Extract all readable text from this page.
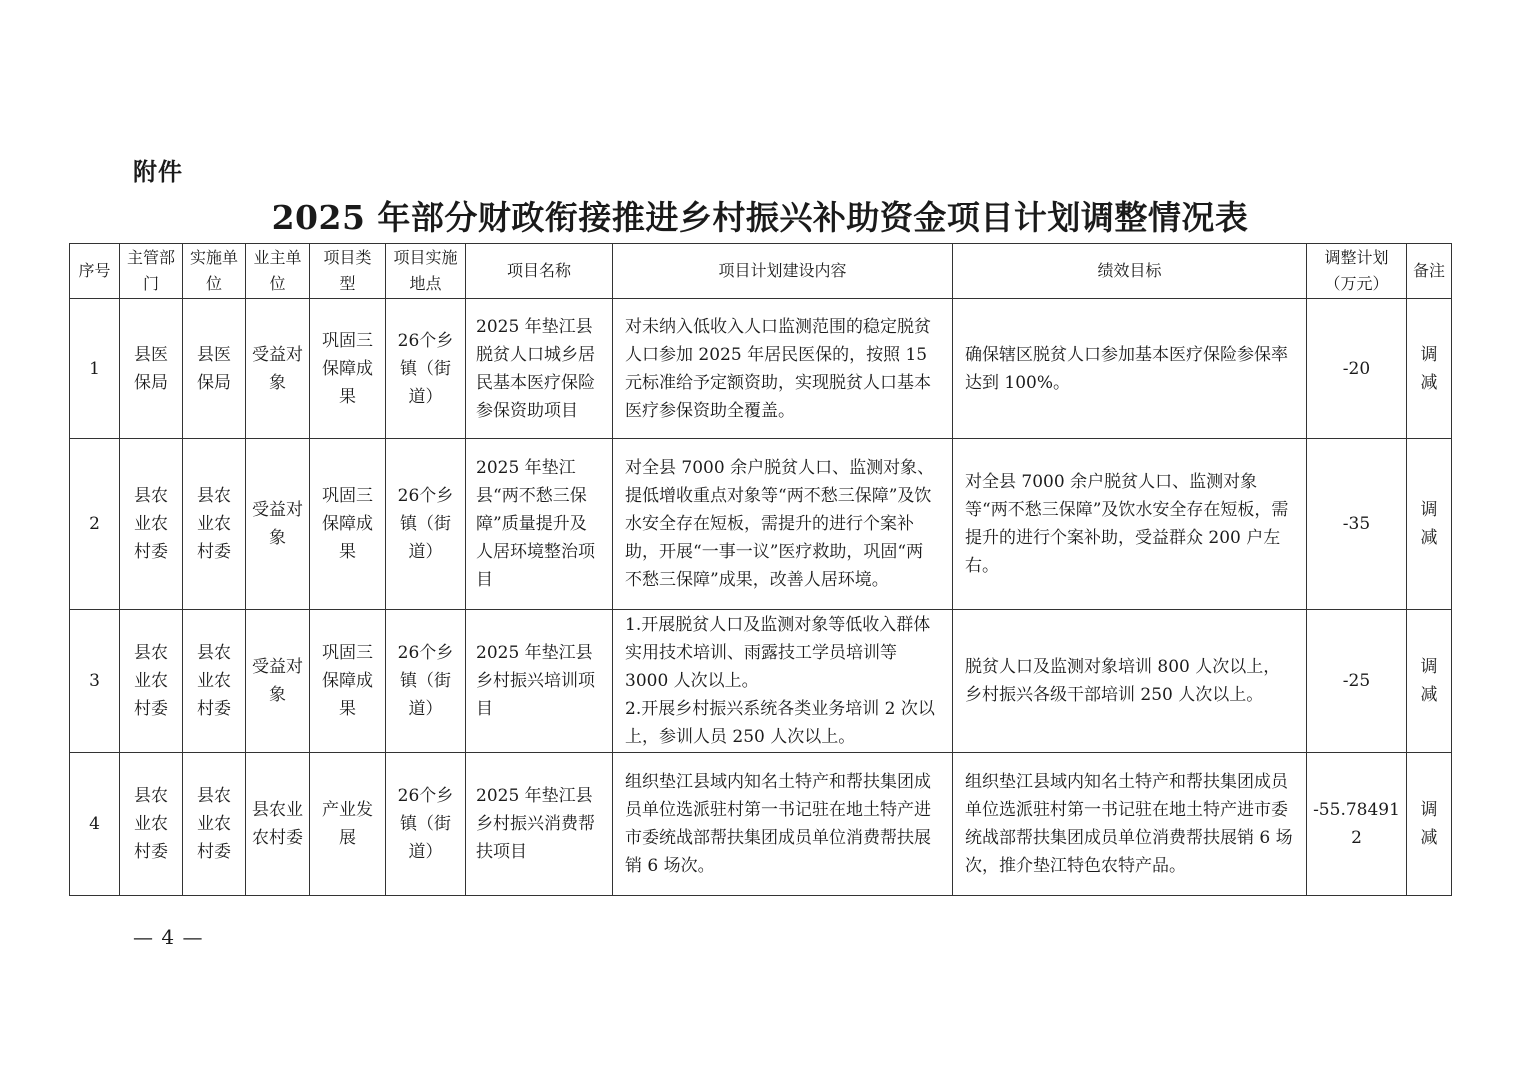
附件
2025 年部分财政衔接推进乡村振兴补助资金项目计划调整情况表
序号	主管部门	实施单位	业主单位	项目类型	项目实施地点	项目名称	项目计划建设内容	绩效目标	调整计划（万元）	备注
1	县医保局	县医保局	受益对象	巩固三保障成果	26个乡镇（街道）	2025 年垫江县脱贫人口城乡居民基本医疗保险参保资助项目	对未纳入低收入人口监测范围的稳定脱贫人口参加 2025 年居民医保的，按照 15 元标准给予定额资助，实现脱贫人口基本医疗参保资助全覆盖。	确保辖区脱贫人口参加基本医疗保险参保率达到 100%。	-20	调减
2	县农业农村委	县农业农村委	受益对象	巩固三保障成果	26个乡镇（街道）	2025 年垫江县“两不愁三保障”质量提升及人居环境整治项目	对全县 7000 余户脱贫人口、监测对象、提低增收重点对象等“两不愁三保障”及饮水安全存在短板，需提升的进行个案补助，开展“一事一议”医疗救助，巩固“两不愁三保障”成果，改善人居环境。	对全县 7000 余户脱贫人口、监测对象等“两不愁三保障”及饮水安全存在短板，需提升的进行个案补助，受益群众 200 户左右。	-35	调减
3	县农业农村委	县农业农村委	受益对象	巩固三保障成果	26个乡镇（街道）	2025 年垫江县乡村振兴培训项目	1.开展脱贫人口及监测对象等低收入群体实用技术培训、雨露技工学员培训等 3000 人次以上。
2.开展乡村振兴系统各类业务培训 2 次以上，参训人员 250 人次以上。	脱贫人口及监测对象培训 800 人次以上，乡村振兴各级干部培训 250 人次以上。	-25	调减
4	县农业农村委	县农业农村委	县农业农村委	产业发展	26个乡镇（街道）	2025 年垫江县乡村振兴消费帮扶项目	组织垫江县域内知名土特产和帮扶集团成员单位选派驻村第一书记驻在地土特产进市委统战部帮扶集团成员单位消费帮扶展销 6 场次。	组织垫江县域内知名土特产和帮扶集团成员单位选派驻村第一书记驻在地土特产进市委统战部帮扶集团成员单位消费帮扶展销 6 场次，推介垫江特色农特产品。	-55.784912	调减
— 4 —
